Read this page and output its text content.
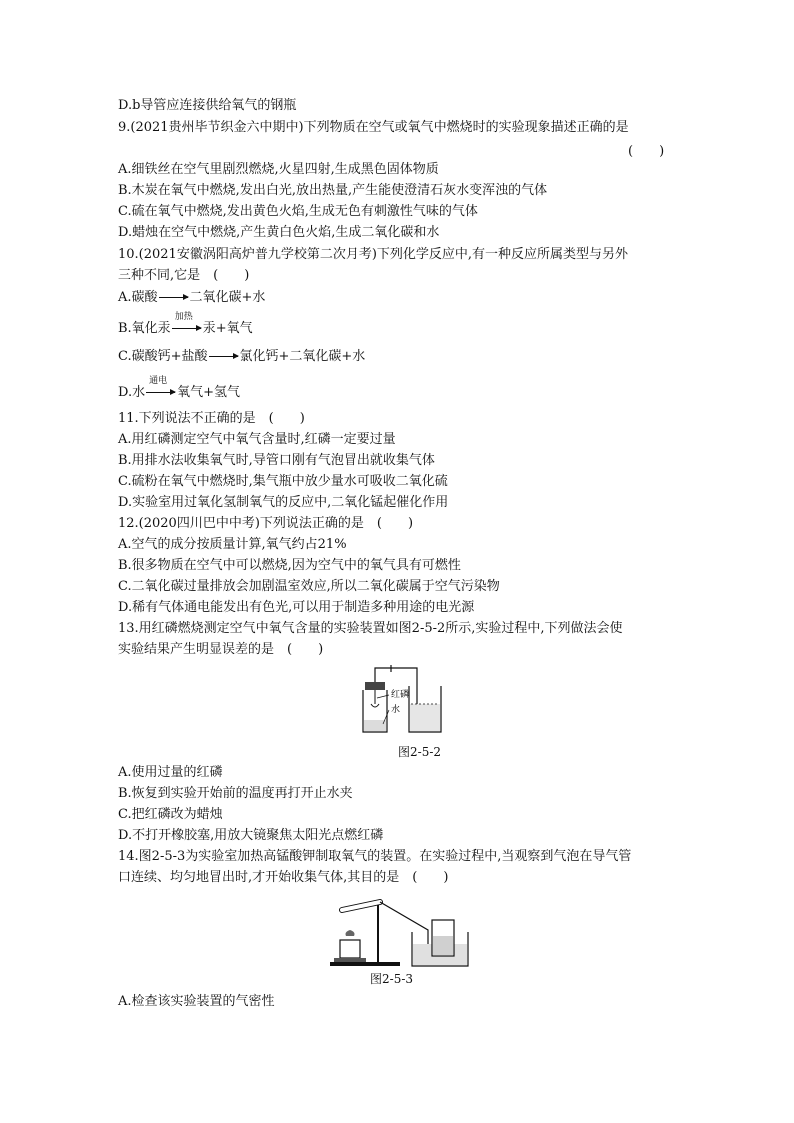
D.b导管应连接供给氧气的钢瓶
9.(2021贵州毕节织金六中期中)下列物质在空气或氧气中燃烧时的实验现象描述正确的是
(　　)
A.细铁丝在空气里剧烈燃烧,火星四射,生成黑色固体物质
B.木炭在氧气中燃烧,发出白光,放出热量,产生能使澄清石灰水变浑浊的气体
C.硫在氧气中燃烧,发出黄色火焰,生成无色有刺激性气味的气体
D.蜡烛在空气中燃烧,产生黄白色火焰,生成二氧化碳和水
10.(2021安徽涡阳高炉普九学校第二次月考)下列化学反应中,有一种反应所属类型与另外
三种不同,它是　(　　)
A.碳酸→二氧化碳+水
B.氧化汞
加热
汞+氧气
C.碳酸钙+盐酸→氯化钙+二氧化碳+水
D.水
通电
氧气+氢气
11.下列说法不正确的是　(　　)
A.用红磷测定空气中氧气含量时,红磷一定要过量
B.用排水法收集氧气时,导管口刚有气泡冒出就收集气体
C.硫粉在氧气中燃烧时,集气瓶中放少量水可吸收二氧化硫
D.实验室用过氧化氢制氧气的反应中,二氧化锰起催化作用
12.(2020四川巴中中考)下列说法正确的是　(　　)
A.空气的成分按质量计算,氧气约占21%
B.很多物质在空气中可以燃烧,因为空气中的氧气具有可燃性
C.二氧化碳过量排放会加剧温室效应,所以二氧化碳属于空气污染物
D.稀有气体通电能发出有色光,可以用于制造多种用途的电光源
13.用红磷燃烧测定空气中氧气含量的实验装置如图2-5-2所示,实验过程中,下列做法会使
实验结果产生明显误差的是　(　　)
红磷
水
图2-5-2
A.使用过量的红磷
B.恢复到实验开始前的温度再打开止水夹
C.把红磷改为蜡烛
D.不打开橡胶塞,用放大镜聚焦太阳光点燃红磷
14.图2-5-3为实验室加热高锰酸钾制取氧气的装置。在实验过程中,当观察到气泡在导气管
口连续、均匀地冒出时,才开始收集气体,其目的是　(　　)
图2-5-3
A.检查该实验装置的气密性
